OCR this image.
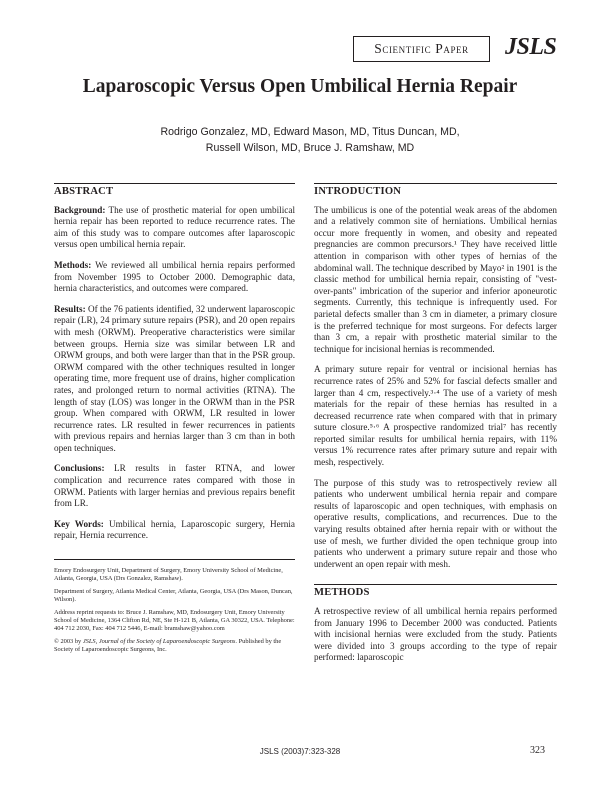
Scientific Paper	JSLS
Laparoscopic Versus Open Umbilical Hernia Repair
Rodrigo Gonzalez, MD, Edward Mason, MD, Titus Duncan, MD,
Russell Wilson, MD, Bruce J. Ramshaw, MD
ABSTRACT

Background: The use of prosthetic material for open umbilical hernia repair has been reported to reduce recurrence rates. The aim of this study was to compare outcomes after laparoscopic versus open umbilical hernia repair.

Methods: We reviewed all umbilical hernia repairs performed from November 1995 to October 2000. Demographic data, hernia characteristics, and outcomes were compared.

Results: Of the 76 patients identified, 32 underwent laparoscopic repair (LR), 24 primary suture repairs (PSR), and 20 open repairs with mesh (ORWM). Preoperative characteristics were similar between groups. Hernia size was similar between LR and ORWM groups, and both were larger than that in the PSR group. ORWM compared with the other techniques resulted in longer operating time, more frequent use of drains, higher complication rates, and prolonged return to normal activities (RTNA). The length of stay (LOS) was longer in the ORWM than in the PSR group. When compared with ORWM, LR resulted in lower recurrence rates. LR resulted in fewer recurrences in patients with previous repairs and hernias larger than 3 cm than in both open techniques.

Conclusions: LR results in faster RTNA, and lower complication and recurrence rates compared with those in ORWM. Patients with larger hernias and previous repairs benefit from LR.

Key Words: Umbilical hernia, Laparoscopic surgery, Hernia repair, Hernia recurrence.

Emory Endosurgery Unit, Department of Surgery, Emory University School of Medicine, Atlanta, Georgia, USA (Drs Gonzalez, Ramshaw).

Department of Surgery, Atlanta Medical Center, Atlanta, Georgia, USA (Drs Mason, Duncan, Wilson).

Address reprint requests to: Bruce J. Ramshaw, MD, Endosurgery Unit, Emory University School of Medicine, 1364 Clifton Rd, NE, Ste H-121 B, Atlanta, GA 30322, USA. Telephone: 404 712 2030, Fax: 404 712 5446, E-mail: bramshaw@yahoo.com

© 2003 by JSLS, Journal of the Society of Laparoendoscopic Surgeons. Published by the Society of Laparoendoscopic Surgeons, Inc.

INTRODUCTION

The umbilicus is one of the potential weak areas of the abdomen and a relatively common site of herniations. Umbilical hernias occur more frequently in women, and obesity and repeated pregnancies are common precursors.¹ They have received little attention in comparison with other types of hernias of the abdominal wall. The technique described by Mayo² in 1901 is the classic method for umbilical hernia repair, consisting of "vest-over-pants" imbrication of the superior and inferior aponeurotic segments. Currently, this technique is infrequently used. For parietal defects smaller than 3 cm in diameter, a primary closure is the preferred technique for most surgeons. For defects larger than 3 cm, a repair with prosthetic material similar to the technique for incisional hernias is recommended.

A primary suture repair for ventral or incisional hernias has recurrence rates of 25% and 52% for fascial defects smaller and larger than 4 cm, respectively.³·⁴ The use of a variety of mesh materials for the repair of these hernias has resulted in a decreased recurrence rate when compared with that in primary suture closure.⁵·⁶ A prospective randomized trial⁷ has recently reported similar results for umbilical hernia repairs, with 11% versus 1% recurrence rates after primary suture and repair with mesh, respectively.

The purpose of this study was to retrospectively review all patients who underwent umbilical hernia repair and compare results of laparoscopic and open techniques, with emphasis on operative results, complications, and recurrences. Due to the varying results obtained after hernia repair with or without the use of mesh, we further divided the open technique group into patients who underwent a primary suture repair and those who underwent an open repair with mesh.

METHODS

A retrospective review of all umbilical hernia repairs performed from January 1996 to December 2000 was conducted. Patients with incisional hernias were excluded from the study. Patients were divided into 3 groups according to the type of repair performed: laparoscopic

JSLS (2003)7:323-328	323
